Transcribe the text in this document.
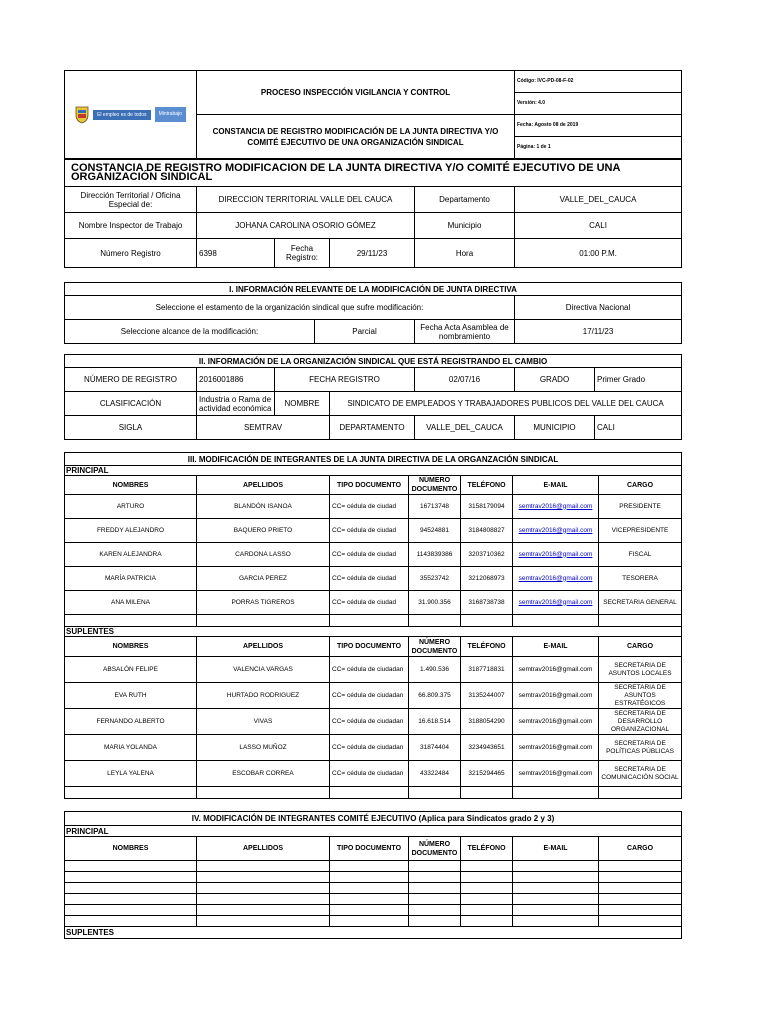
El empleo es de todos Mintrabajo	PROCESO INSPECCIÓN VIGILANCIA Y CONTROL	Código: IVC-PD-08-F-02
		Versión: 4.0
	CONSTANCIA DE REGISTRO MODIFICACIÓN DE LA JUNTA DIRECTIVA Y/O
COMITÉ EJECUTIVO DE UNA ORGANIZACIÓN SINDICAL	Fecha: Agosto 08 de 2019
		Página: 1 de 1
CONSTANCIA DE REGISTRO MODIFICACION DE LA JUNTA DIRECTIVA Y/O COMITÉ EJECUTIVO DE UNA ORGANIZACIÓN SINDICAL					
Dirección Territorial / Oficina Especial de:	DIRECCION TERRITORIAL VALLE DEL CAUCA			Departamento	VALLE_DEL_CAUCA
Nombre Inspector de Trabajo	JOHANA CAROLINA OSORIO GÓMEZ			Municipio	CALI
Número Registro	6398	Fecha Registro:	29/11/23	Hora	01:00 P.M.
I. INFORMACIÓN RELEVANTE DE LA MODIFICACIÓN DE JUNTA DIRECTIVA			
Seleccione el estamento de la organización sindical que sufre modificación:			Directiva Nacional
Seleccione alcance de la modificación:	Parcial	Fecha Acta Asamblea de nombramiento	17/11/23
II. INFORMACIÓN DE LA ORGANIZACIÓN SINDICAL QUE ESTÁ REGISTRANDO EL CAMBIO						
NÚMERO DE REGISTRO	2016001886	FECHA REGISTRO		02/07/16	GRADO	Primer Grado
CLASIFICACIÓN	Industria o Rama de actividad económica	NOMBRE	SINDICATO DE EMPLEADOS Y TRABAJADORES PUBLICOS DEL VALLE DEL CAUCA			
SIGLA	SEMTRAV		DEPARTAMENTO	VALLE_DEL_CAUCA	MUNICIPIO	CALI
III. MODIFICACIÓN DE INTEGRANTES DE LA JUNTA DIRECTIVA DE LA ORGANZACIÓN SINDICAL						
PRINCIPAL						
NOMBRES	APELLIDOS	TIPO DOCUMENTO	NÚMERO DOCUMENTO	TELÉFONO	E-MAIL	CARGO
ARTURO	BLANDÓN ISANOA	CC= cédula de ciudad	16713748	3158179094	semtrav2016@gmail.com	PRESIDENTE
FREDDY ALEJANDRO	BAQUERO PRIETO	CC= cédula de ciudad	94524881	3184808827	semtrav2016@gmail.com	VICEPRESIDENTE
KAREN ALEJANDRA	CARDONA LASSO	CC= cédula de ciudad	1143839386	3203710362	semtrav2016@gmail.com	FISCAL
MARÍA PATRICIA	GARCIA PEREZ	CC= cédula de ciudad	35523742	3212068973	semtrav2016@gmail.com	TESORERA
ANA MILENA	PORRAS TIGREROS	CC= cédula de ciudad	31.900.356	3168738738	semtrav2016@gmail.com	SECRETARIA GENERAL

SUPLENTES						
NOMBRES	APELLIDOS	TIPO DOCUMENTO	NÚMERO DOCUMENTO	TELÉFONO	E-MAIL	CARGO
ABSALÓN FELIPE	VALENCIA VARGAS	CC= cédula de ciudadan	1.490.536	3187718831	semtrav2016@gmail.com	SECRETARIA DE ASUNTOS LOCALES
EVA RUTH	HURTADO RODRIGUEZ	CC= cédula de ciudadan	66.809.375	3135244007	semtrav2016@gmail.com	SECRETARIA DE ASUNTOS ESTRATÉGICOS
FERNANDO ALBERTO	VIVAS	CC= cédula de ciudadan	16.618.514	3188054290	semtrav2016@gmail.com	SECRETARIA DE DESARROLLO ORGANIZACIONAL
MARIA YOLANDA	LASSO MUÑOZ	CC= cédula de ciudadan	31874404	3234943651	semtrav2016@gmail.com	SECRETARIA DE POLÍTICAS PÚBLICAS
LEYLA YALENA	ESCOBAR CORREA	CC= cédula de ciudadan	43322484	3215294465	semtrav2016@gmail.com	SECRETARIA DE COMUNICACIÓN SOCIAL

IV. MODIFICACIÓN DE INTEGRANTES COMITÉ EJECUTIVO (Aplica para Sindicatos grado 2 y 3)						
PRINCIPAL						
NOMBRES	APELLIDOS	TIPO DOCUMENTO	NÚMERO DOCUMENTO	TELÉFONO	E-MAIL	CARGO

SUPLENTES						
